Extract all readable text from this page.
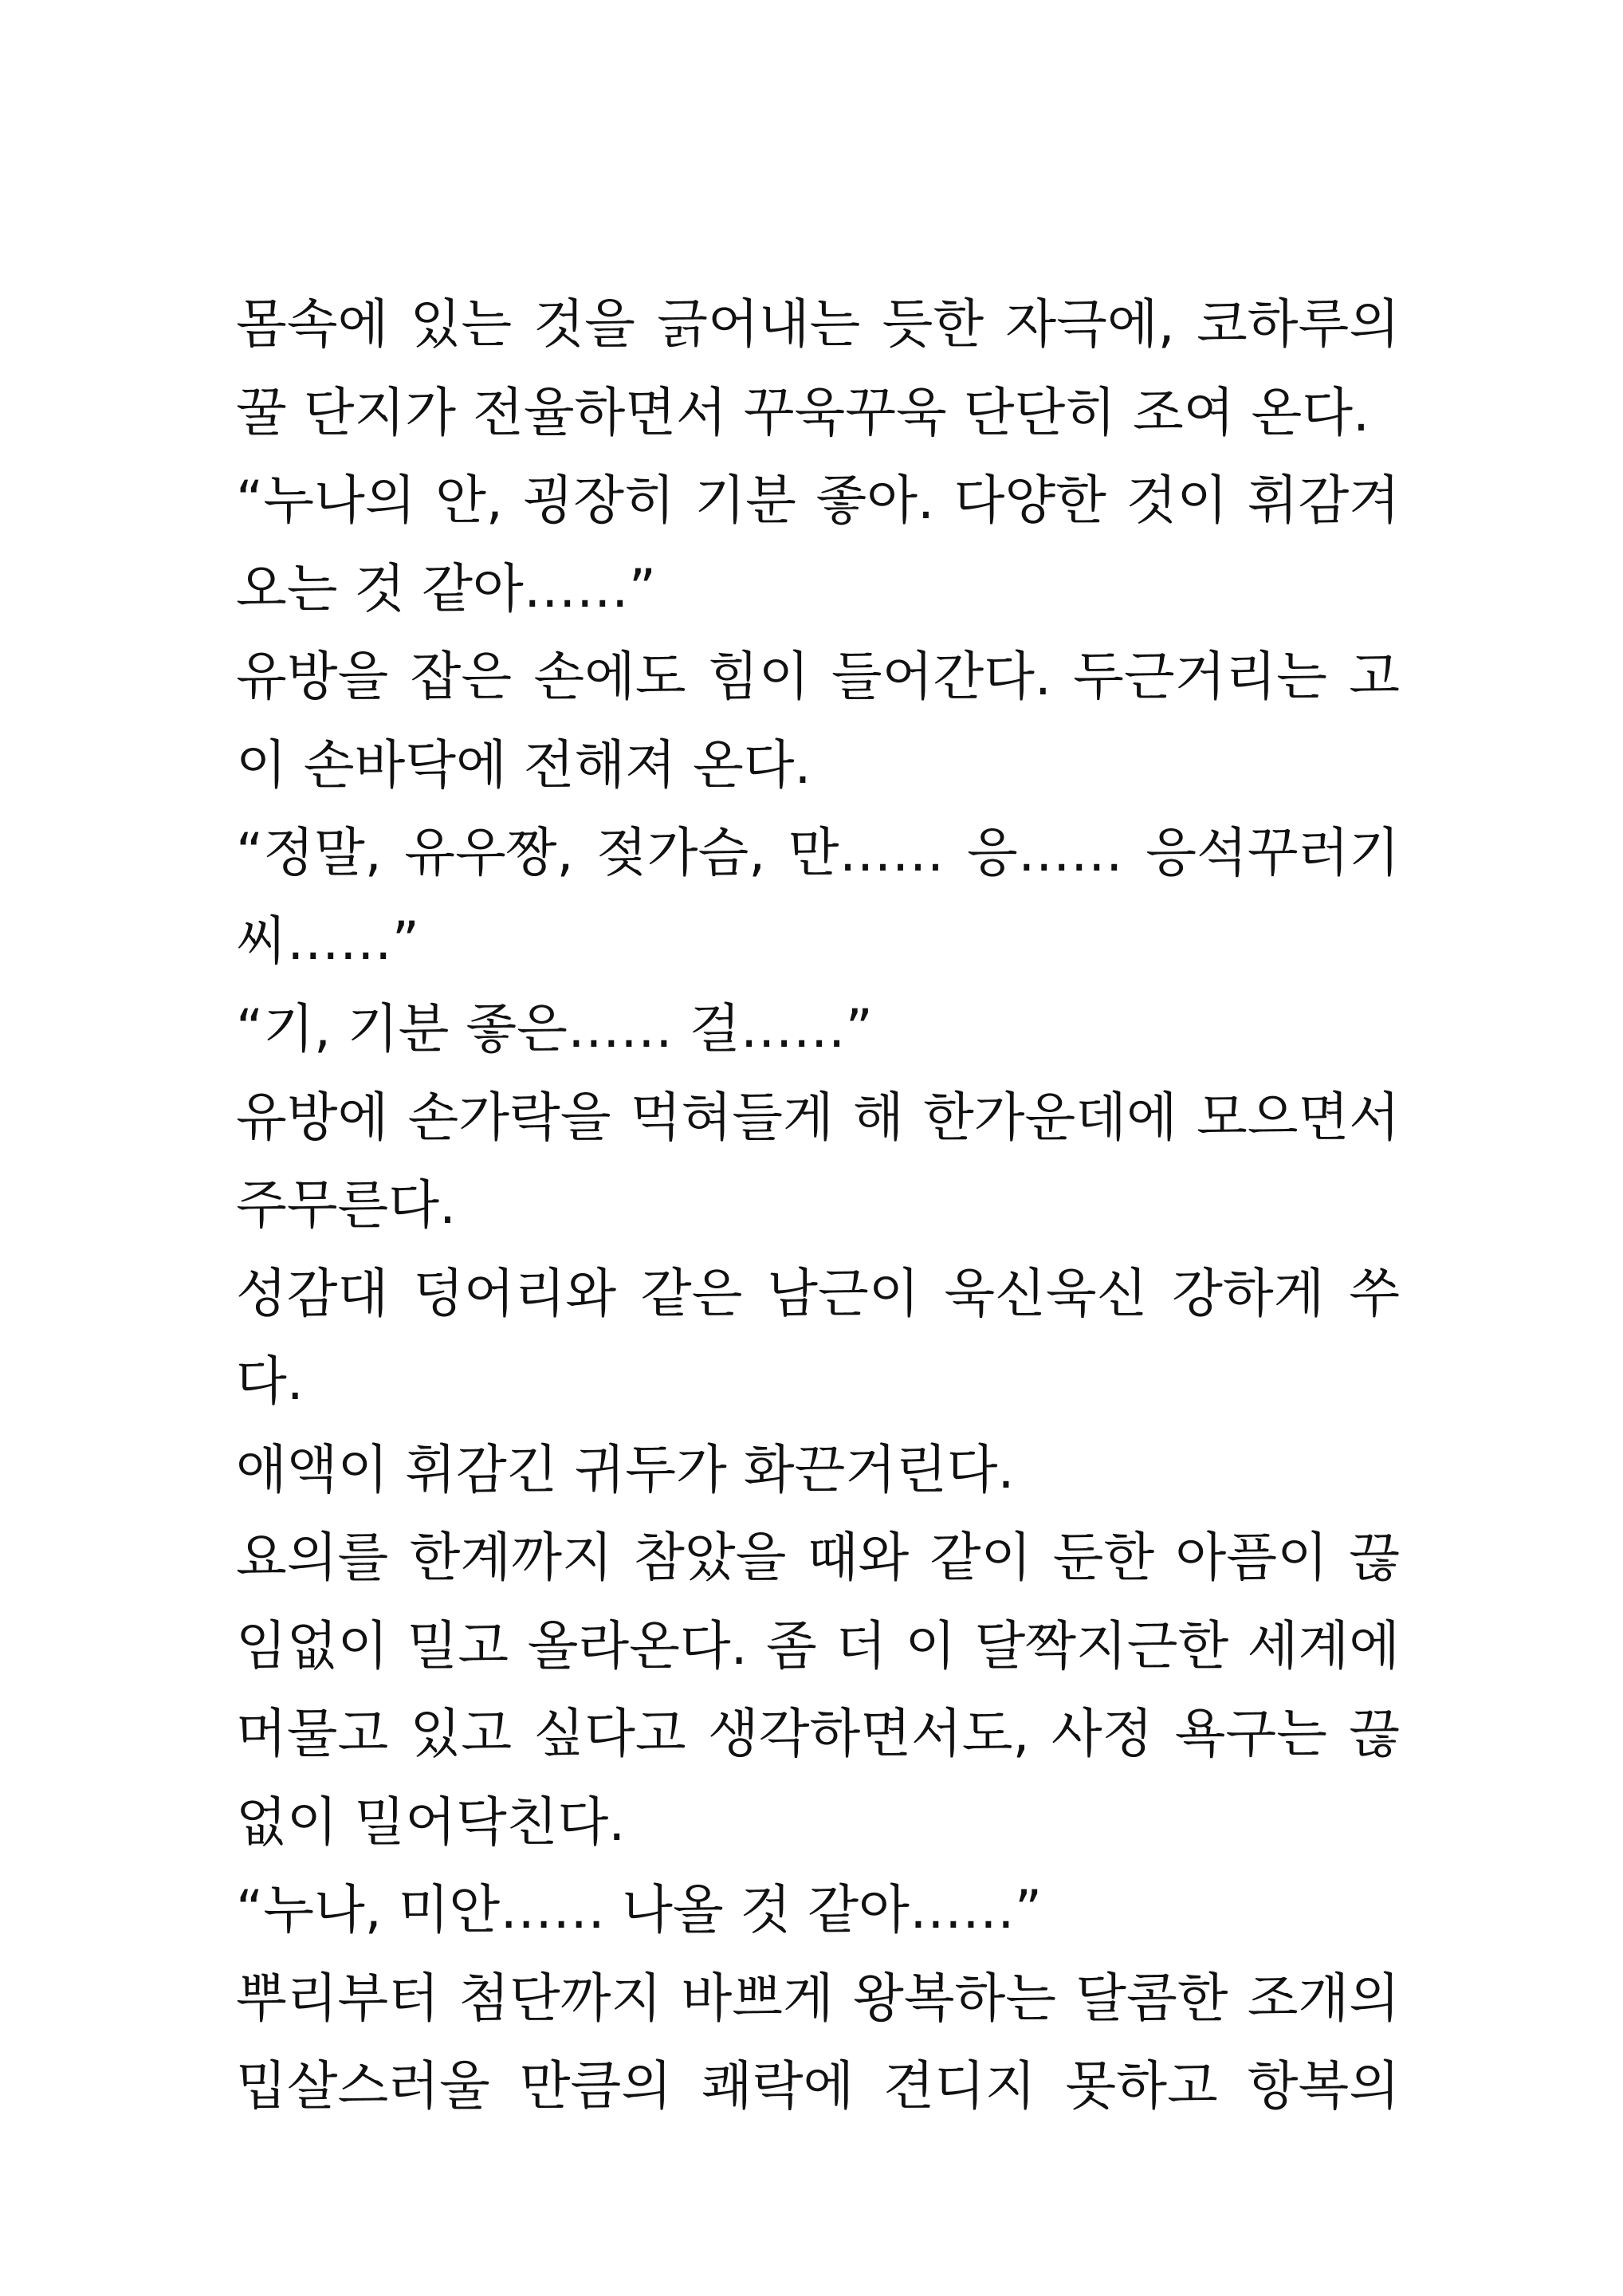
몸속에 있는 것을 긁어내는 듯한 자극에, 코하루의
꿀 단지가 전율하면서 꾸욱꾸욱 단단히 조여 온다.
“누나의 안, 굉장히 기분 좋아. 다양한 것이 휘감겨
오는 것 같아……”
유방을 잡은 손에도 힘이 들어간다. 두근거리는 고
이 손바닥에 전해져 온다.
“정말, 유우짱, 젖가슴, 만…… 응…… 응석꾸러기
씨……”
“기, 기분 좋은…… 걸……”
유방에 손가락을 먹혀들게 해 한가운데에 모으면서
주무른다.
성감대 덩어리와 같은 남근이 욱신욱신 강하게 쑤
다.
애액이 휘감긴 귀두가 화끈거린다.
요의를 한계까지 참았을 때와 같이 둔한 아픔이 끊
임없이 밀고 올라온다. 좀 더 이 달짝지근한 세계에
머물고 있고 싶다고 생각하면서도, 사정 욕구는 끊
없이 밀어닥친다.
“누나, 미안…… 나올 것 같아……”
뿌리부터 첨단까지 바쁘게 왕복하는 달콤한 조개의
밉살스러울 만큼의 쾌락에 견디지 못하고 항복의
